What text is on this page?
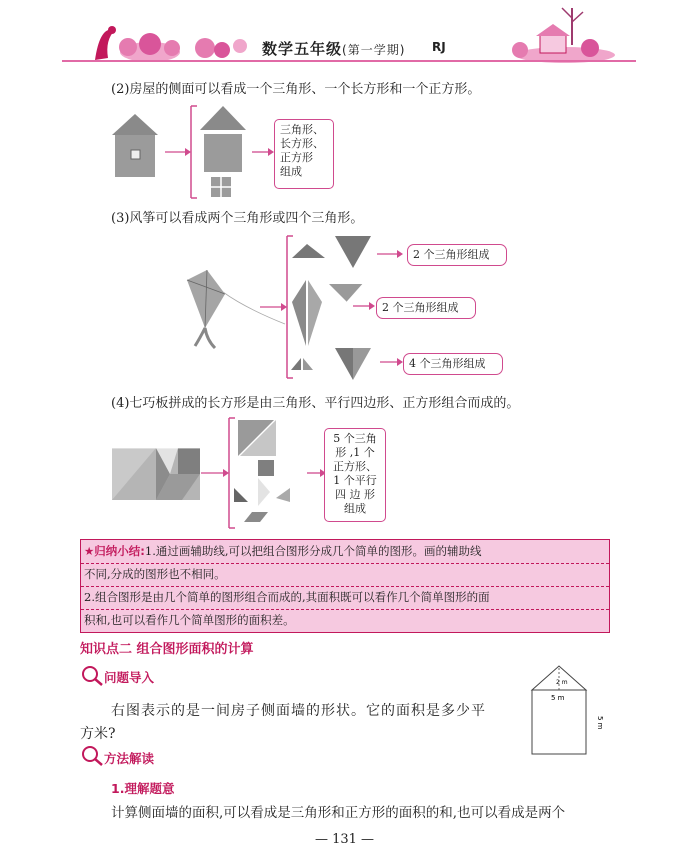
数学五年级(第一学期) RJ
(2)房屋的侧面可以看成一个三角形、一个长方形和一个正方形。
三角形、
长方形、
正方形
组成
(3)风筝可以看成两个三角形或四个三角形。
2 个三角形组成
2 个三角形组成
4 个三角形组成
(4)七巧板拼成的长方形是由三角形、平行四边形、正方形组合而成的。
5 个三角
形 ,1 个
正方形、
1 个平行
四 边 形
组成
★归纳小结:1.通过画辅助线,可以把组合图形分成几个简单的图形。画的辅助线
不同,分成的图形也不相同。
2.组合图形是由几个简单的图形组合而成的,其面积既可以看作几个简单图形的面
积和,也可以看作几个简单图形的面积差。
知识点二 组合图形面积的计算
问题导入
右图表示的是一间房子侧面墙的形状。它的面积是多少平
方米?
2 m
5 m
5 m
方法解读
1.理解题意
计算侧面墙的面积,可以看成是三角形和正方形的面积的和,也可以看成是两个
— 131 —
